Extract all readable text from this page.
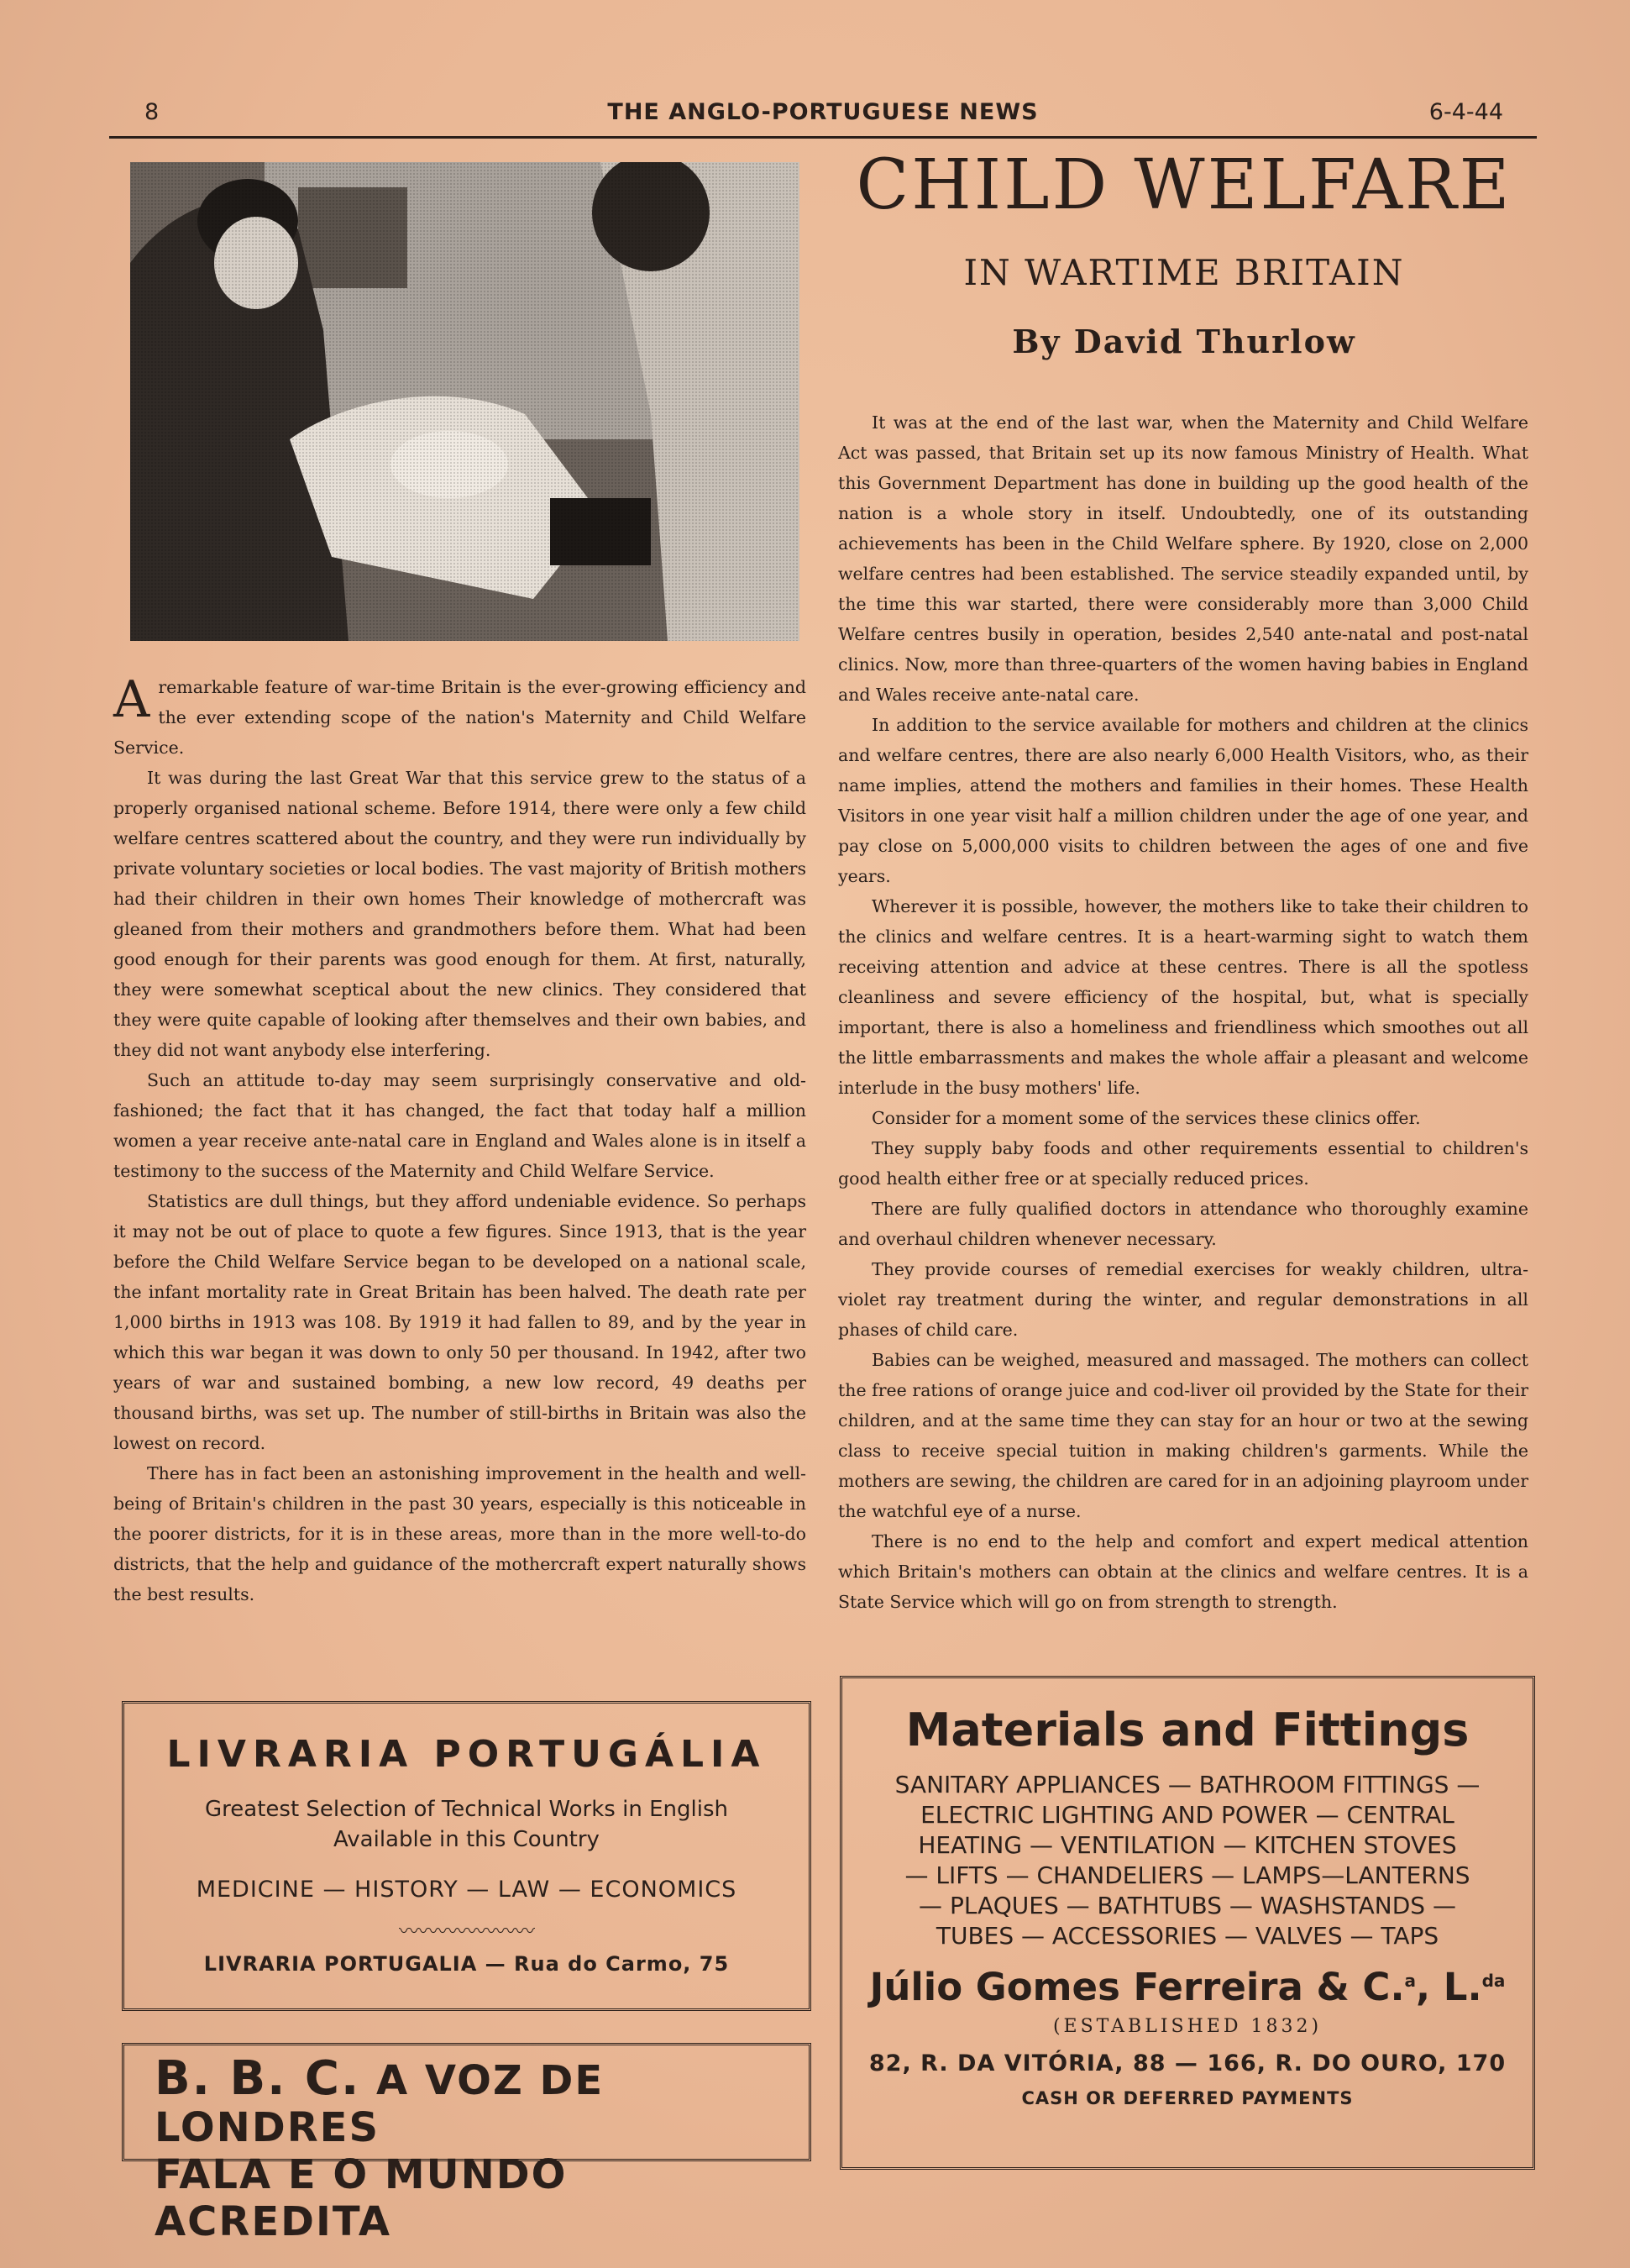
8	THE ANGLO-PORTUGUESE NEWS	6-4-44
CHILD WELFARE
IN WARTIME BRITAIN
By David Thurlow

A remarkable feature of war-time Britain is the ever-growing efficiency and the ever extending scope of the nation's Maternity and Child Welfare Service.

It was during the last Great War that this service grew to the status of a properly organised national scheme. Before 1914, there were only a few child welfare centres scattered about the country, and they were run individually by private voluntary societies or local bodies. The vast majority of British mothers had their children in their own homes Their knowledge of mothercraft was gleaned from their mothers and grandmothers before them. What had been good enough for their parents was good enough for them. At first, naturally, they were somewhat sceptical about the new clinics. They considered that they were quite capable of looking after themselves and their own babies, and they did not want anybody else interfering.

Such an attitude to-day may seem surprisingly conservative and old-fashioned; the fact that it has changed, the fact that today half a million women a year receive ante-natal care in England and Wales alone is in itself a testimony to the success of the Maternity and Child Welfare Service.

Statistics are dull things, but they afford undeniable evidence. So perhaps it may not be out of place to quote a few figures. Since 1913, that is the year before the Child Welfare Service began to be developed on a national scale, the infant mortality rate in Great Britain has been halved. The death rate per 1,000 births in 1913 was 108. By 1919 it had fallen to 89, and by the year in which this war began it was down to only 50 per thousand. In 1942, after two years of war and sustained bombing, a new low record, 49 deaths per thousand births, was set up. The number of still-births in Britain was also the lowest on record.

There has in fact been an astonishing improvement in the health and well-being of Britain's children in the past 30 years, especially is this noticeable in the poorer districts, for it is in these areas, more than in the more well-to-do districts, that the help and guidance of the mothercraft expert naturally shows the best results.

It was at the end of the last war, when the Maternity and Child Welfare Act was passed, that Britain set up its now famous Ministry of Health. What this Government Department has done in building up the good health of the nation is a whole story in itself. Undoubtedly, one of its outstanding achievements has been in the Child Welfare sphere. By 1920, close on 2,000 welfare centres had been established. The service steadily expanded until, by the time this war started, there were considerably more than 3,000 Child Welfare centres busily in operation, besides 2,540 ante-natal and post-natal clinics. Now, more than three-quarters of the women having babies in England and Wales receive ante-natal care.

In addition to the service available for mothers and children at the clinics and welfare centres, there are also nearly 6,000 Health Visitors, who, as their name implies, attend the mothers and families in their homes. These Health Visitors in one year visit half a million children under the age of one year, and pay close on 5,000,000 visits to children between the ages of one and five years.

Wherever it is possible, however, the mothers like to take their children to the clinics and welfare centres. It is a heart-warming sight to watch them receiving attention and advice at these centres. There is all the spotless cleanliness and severe efficiency of the hospital, but, what is specially important, there is also a homeliness and friendliness which smoothes out all the little embarrassments and makes the whole affair a pleasant and welcome interlude in the busy mothers' life.

Consider for a moment some of the services these clinics offer.

They supply baby foods and other requirements essential to children's good health either free or at specially reduced prices.

There are fully qualified doctors in attendance who thoroughly examine and overhaul children whenever necessary.

They provide courses of remedial exercises for weakly children, ultra-violet ray treatment during the winter, and regular demonstrations in all phases of child care.

Babies can be weighed, measured and massaged. The mothers can collect the free rations of orange juice and cod-liver oil provided by the State for their children, and at the same time they can stay for an hour or two at the sewing class to receive special tuition in making children's garments. While the mothers are sewing, the children are cared for in an adjoining playroom under the watchful eye of a nurse.

There is no end to the help and comfort and expert medical attention which Britain's mothers can obtain at the clinics and welfare centres. It is a State Service which will go on from strength to strength.

LIVRARIA PORTUGÁLIA
Greatest Selection of Technical Works in English
Available in this Country
MEDICINE — HISTORY — LAW — ECONOMICS
〰〰〰〰〰〰〰
LIVRARIA PORTUGALIA — Rua do Carmo, 75
B. B. C. A VOZ DE LONDRES
FALA E O MUNDO ACREDITA
Materials and Fittings
SANITARY APPLIANCES — BATHROOM FITTINGS —
ELECTRIC LIGHTING AND POWER — CENTRAL
HEATING — VENTILATION — KITCHEN STOVES
— LIFTS — CHANDELIERS — LAMPS—LANTERNS
— PLAQUES — BATHTUBS — WASHSTANDS —
TUBES — ACCESSORIES — VALVES — TAPS
Júlio Gomes Ferreira & C.$^a$, L.$^{da}$
(ESTABLISHED 1832)
82, R. DA VITÓRIA, 88 — 166, R. DO OURO, 170
CASH OR DEFERRED PAYMENTS
